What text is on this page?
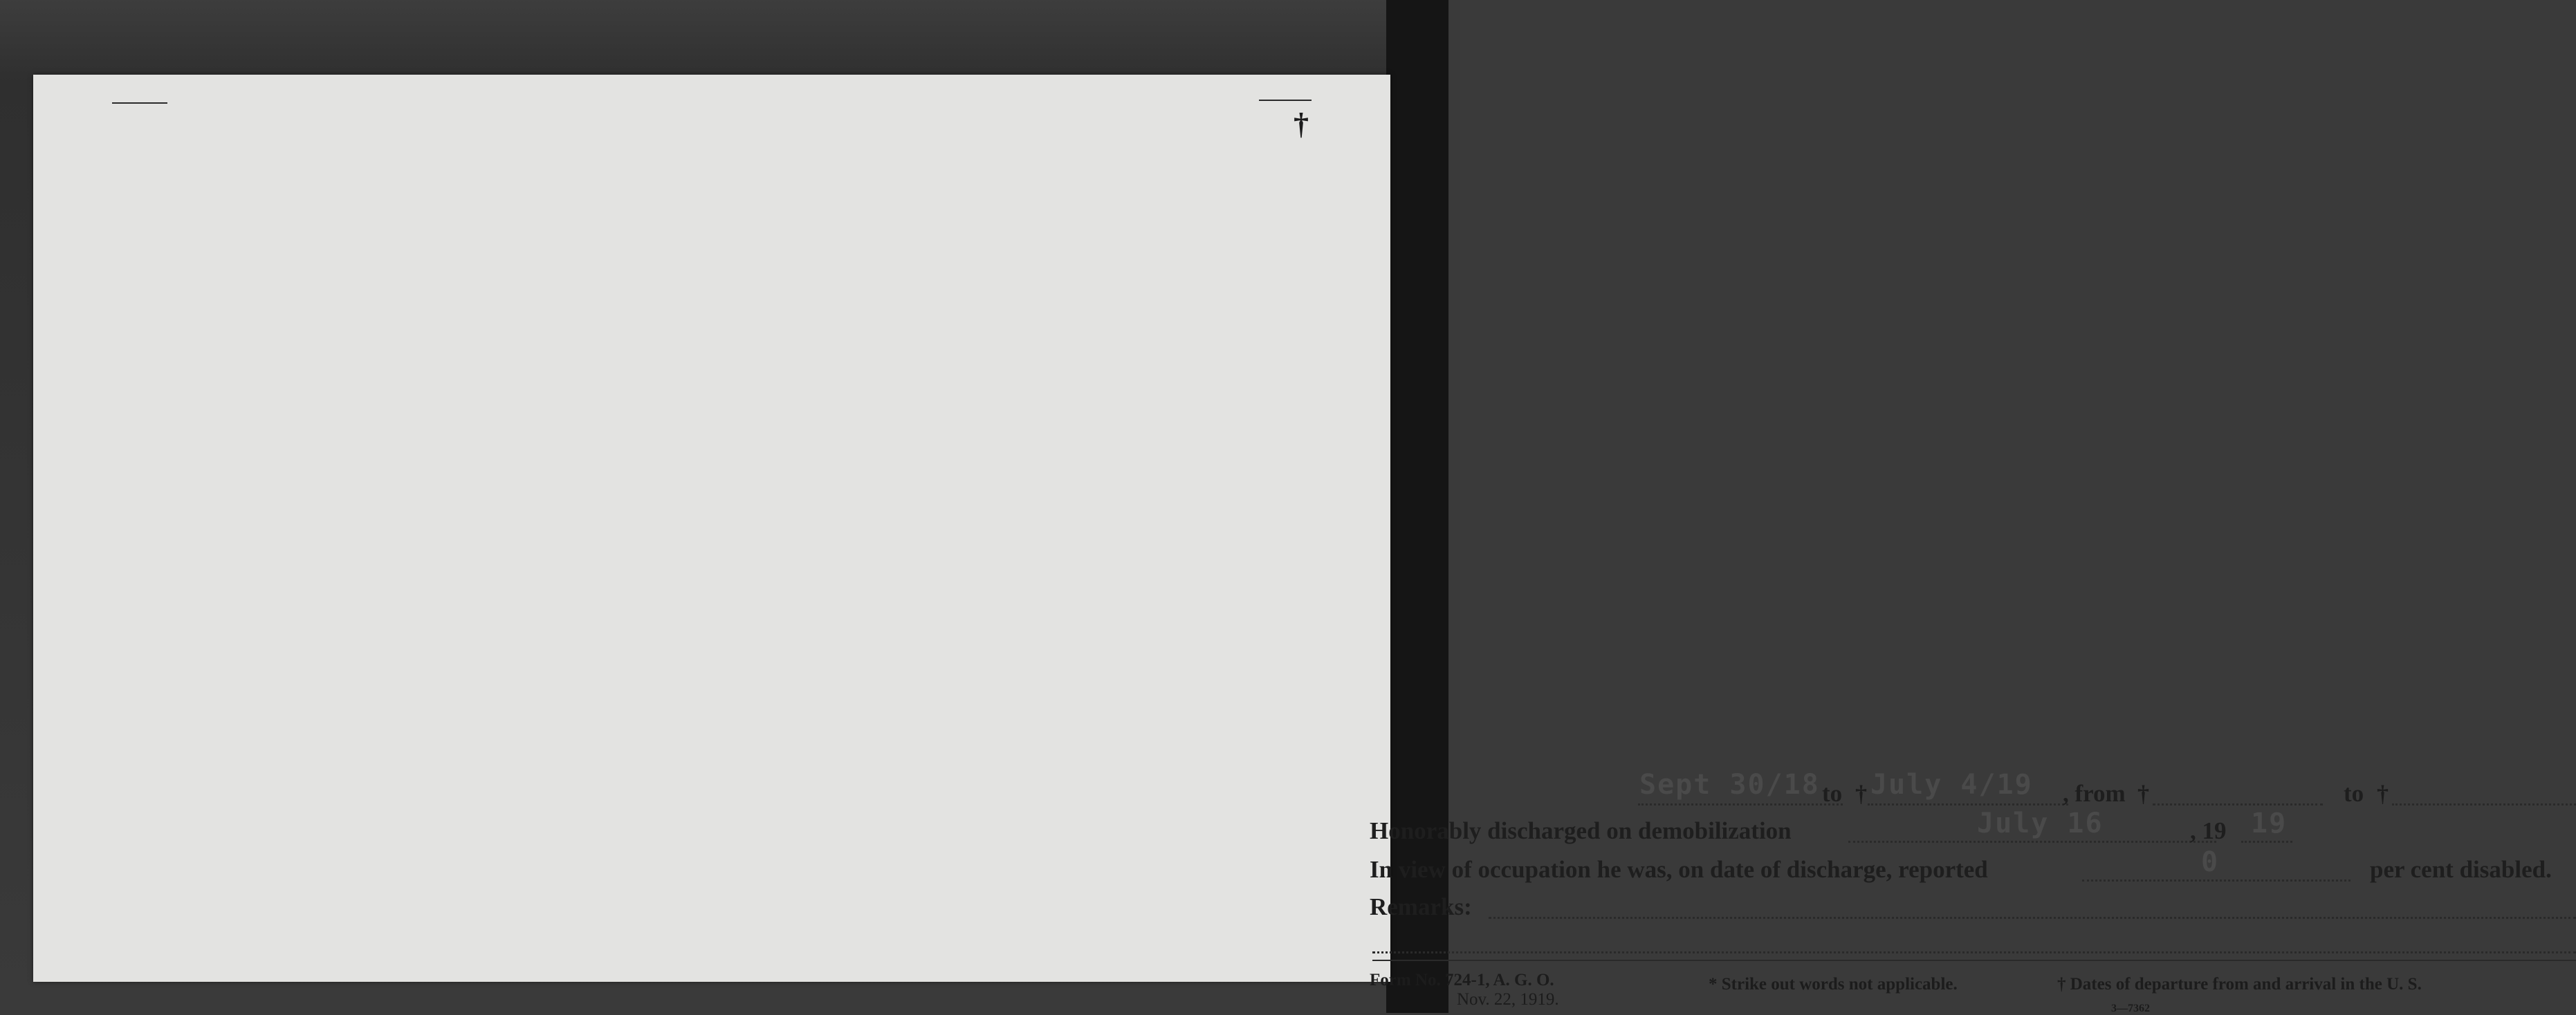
†
Sept 30/18 to † July 4/19 , from †	to †
Honorably discharged on demobilization	July 16	, 19 19
In view of occupation he was, on date of discharge, reported	0	per cent disabled.
Remarks:
Form No. 724-1, A. G. O.
Nov. 22, 1919.
* Strike out words not applicable.	† Dates of departure from and arrival in the U. S.
3—7362
